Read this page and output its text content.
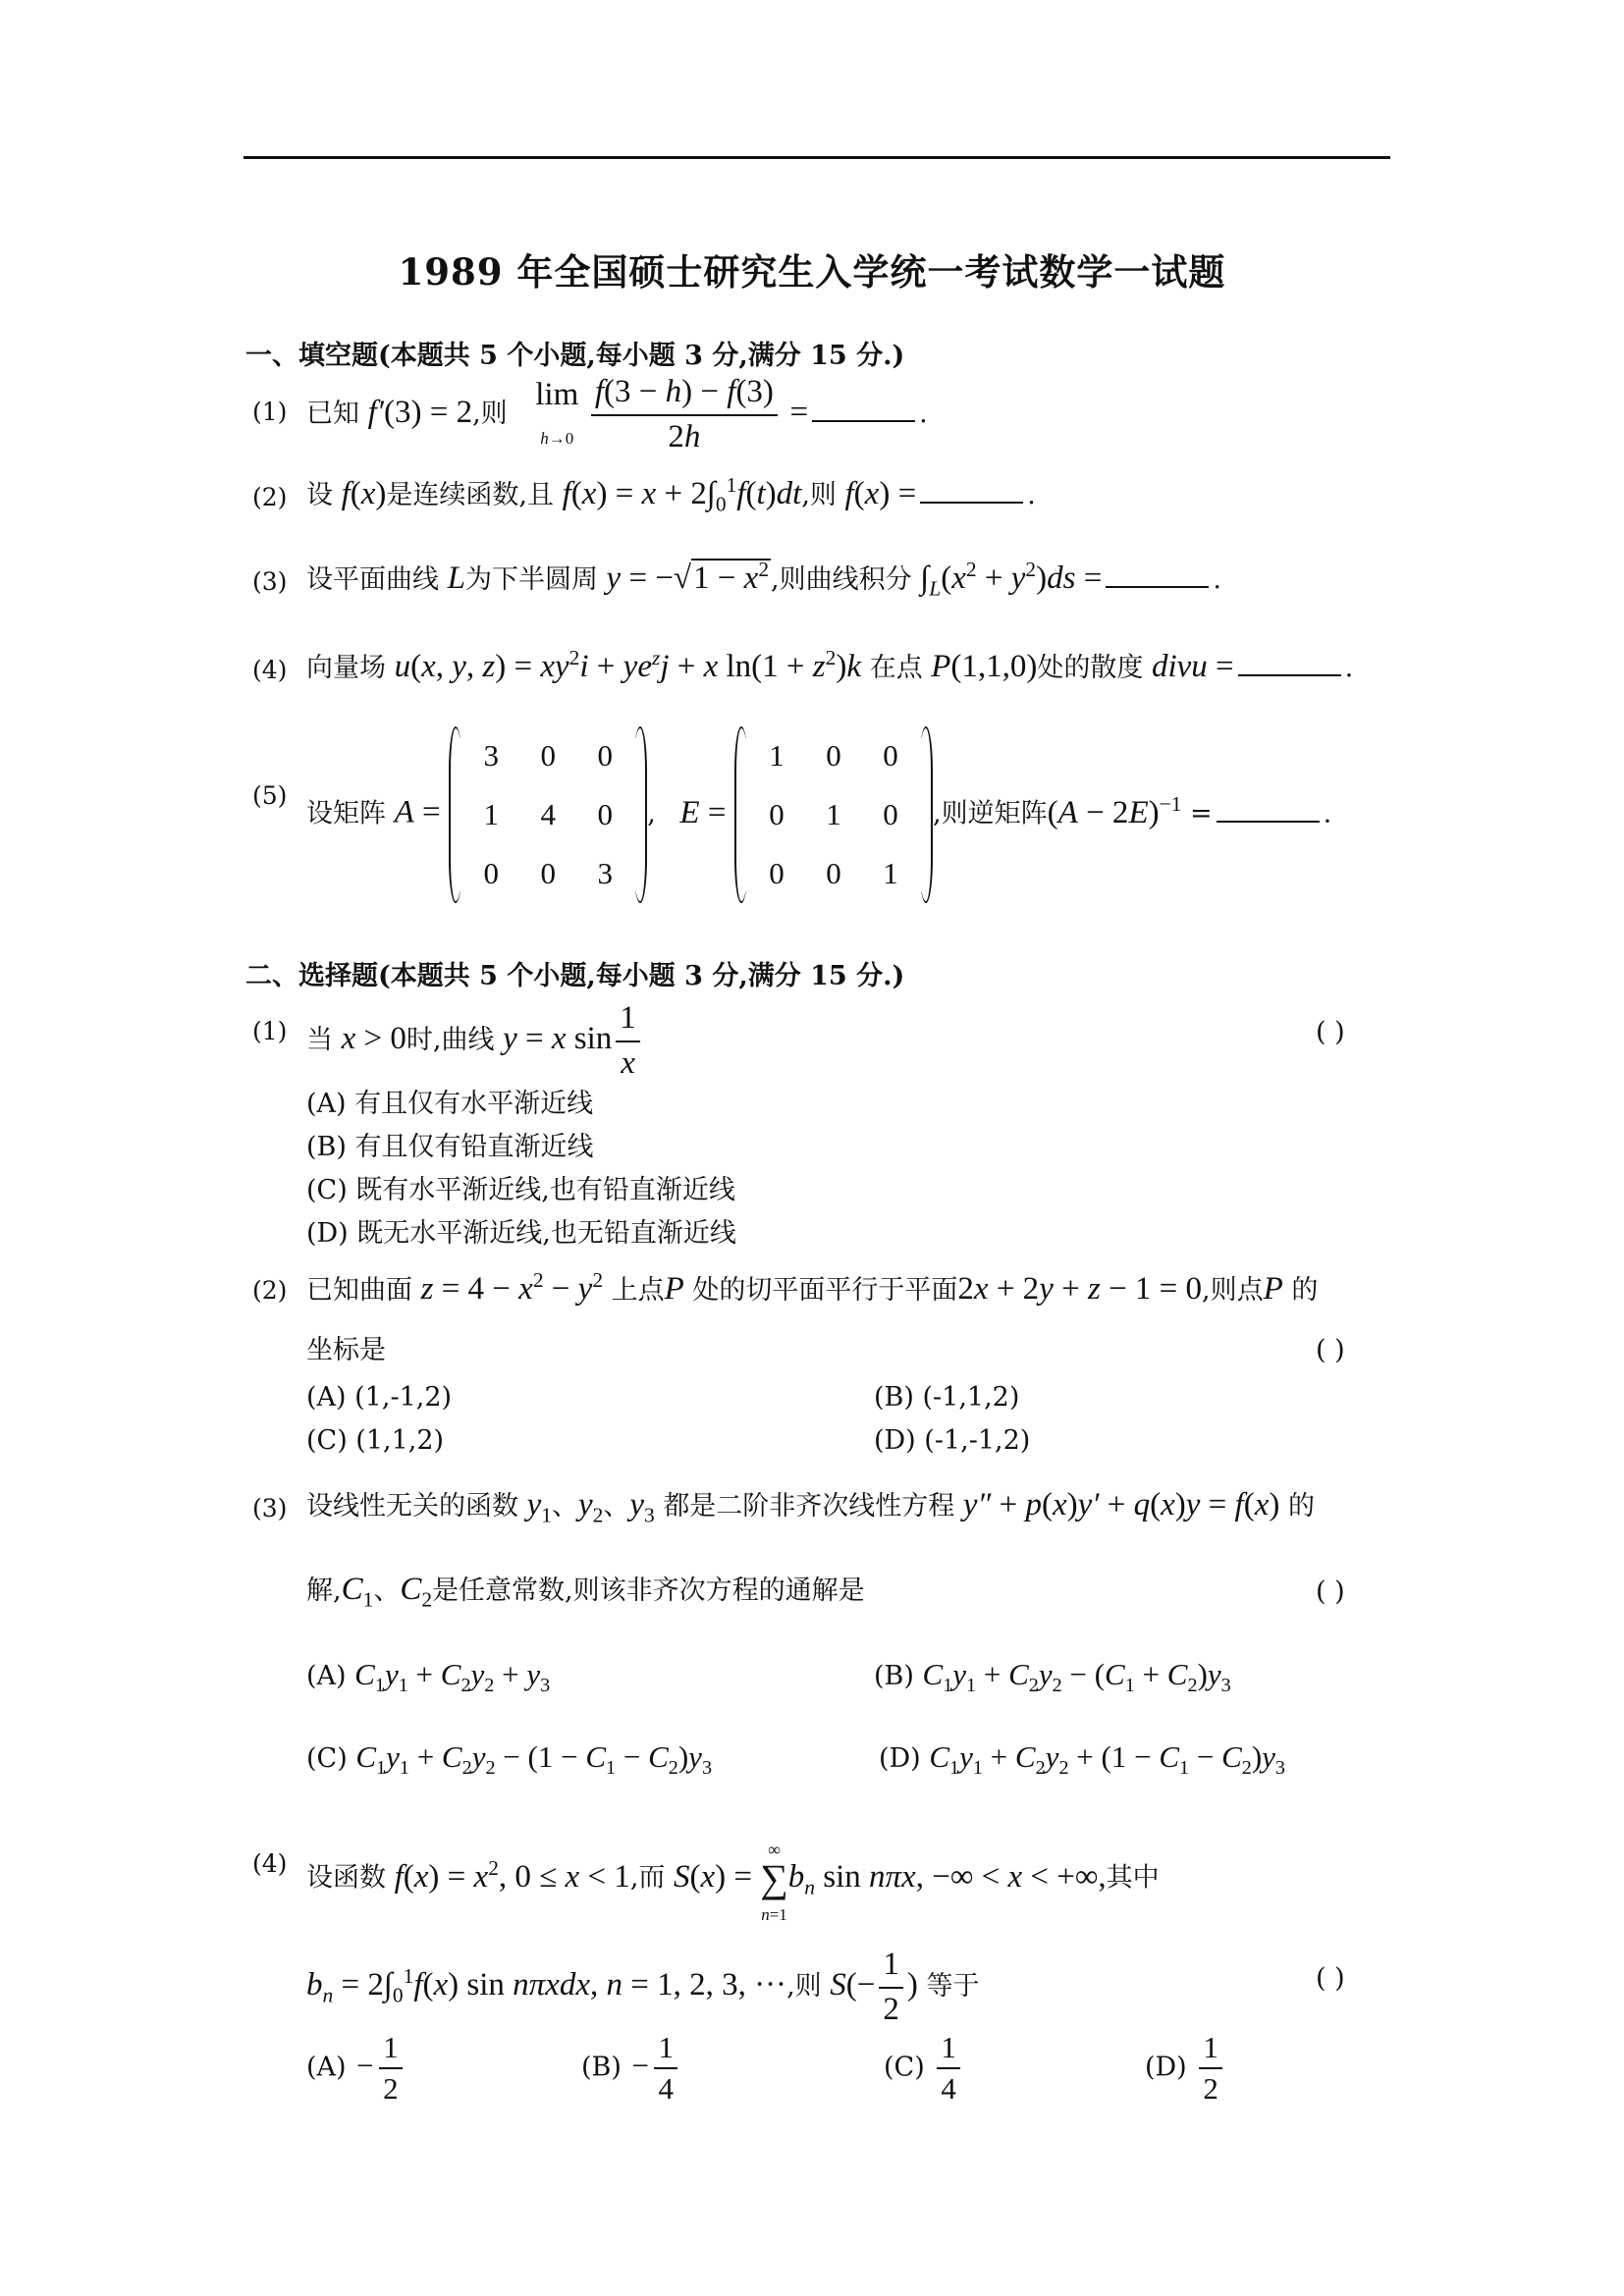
1989 年全国硕士研究生入学统一考试数学一试题
一、填空题(本题共 5 个小题,每小题 3 分,满分 15 分.)
(1) 已知 f′(3) = 2,则 lim
$h\to 0 \frac{f(3 - h) - f(3)}{2h}$ =	.
(2) 设 f(x)是连续函数,且 $f(x) = x + 2\int_0^1f(t)dt$,则 f(x) =	.
(3) 设平面曲线 L为下半圆周 $y = -√1 - x^2$,则曲线积分 $\int_L(x^2 + y^2)ds$ =	.
(4) 向量场 u(x, y, $z) = xy^2i + ye^zj + x$ $\ln(1 + z^2)k$ 在点 P(1,1,0)处的散度 divu =	.
(5)
设矩阵 A =
3	0	0
1	4	0
0	0	3
, E =
1	0	0
0	1	0
0	0	1
,则逆矩阵$(A - 2E)^{-1}$ =	.
二、选择题(本题共 5 个小题,每小题 3 分,满分 15 分.)
(1) 当 x > 0时,曲线 y = x $\sin \frac{1}{x}$	( )
(A) 有且仅有水平渐近线
(B) 有且仅有铅直渐近线
(C) 既有水平渐近线,也有铅直渐近线
(D) 既无水平渐近线,也无铅直渐近线
(2) 已知曲面 $z = 4 - x^2 - y^2$ 上点P 处的切平面平行于平面2x + 2y + z − 1 = 0,则点P 的
坐标是	( )
(A) (1,-1,2)	(B) (-1,1,2)
(C) (1,1,2)	(D) (-1,-1,2)
(3) 设线性无关的函数 $y_1$、$y_2$、$y_3$ 都是二阶非齐次线性方程 y″ + p(x)y′ + q(x)y = f(x) 的
解$,C_1$、$C_2$是任意常数,则该非齐次方程的通解是	( )
(A) $C_1y_1 + C_2y_2 + y_3$	(B) $C_1y_1 + C_2y_2 - (C_1 + C_2)y_3$
(C) $C_1y_1 + C_2y_2 - (1 - C_1 - C_2)y_3$	(D) $C_1y_1 + C_2y_2 + (1 - C_1 - C_2)y_3$
(4) 设函数 $f(x) = x^2$, 0 ≤ x < 1,而 S(x) = ∞
∑
$n=1b_n$ sin nπx, −∞ < x < +∞,其中
$b_n = 2\int_0^1f(x)$ sin nπxdx, n = 1, 2, 3, ···,则 $S(- \frac{1}{2}$ ) 等于	( )
$(A) - \frac{1}{2}$	$(B) - \frac{1}{4}$	$(C) \frac{1}{4}$	$(D) \frac{1}{2}$
